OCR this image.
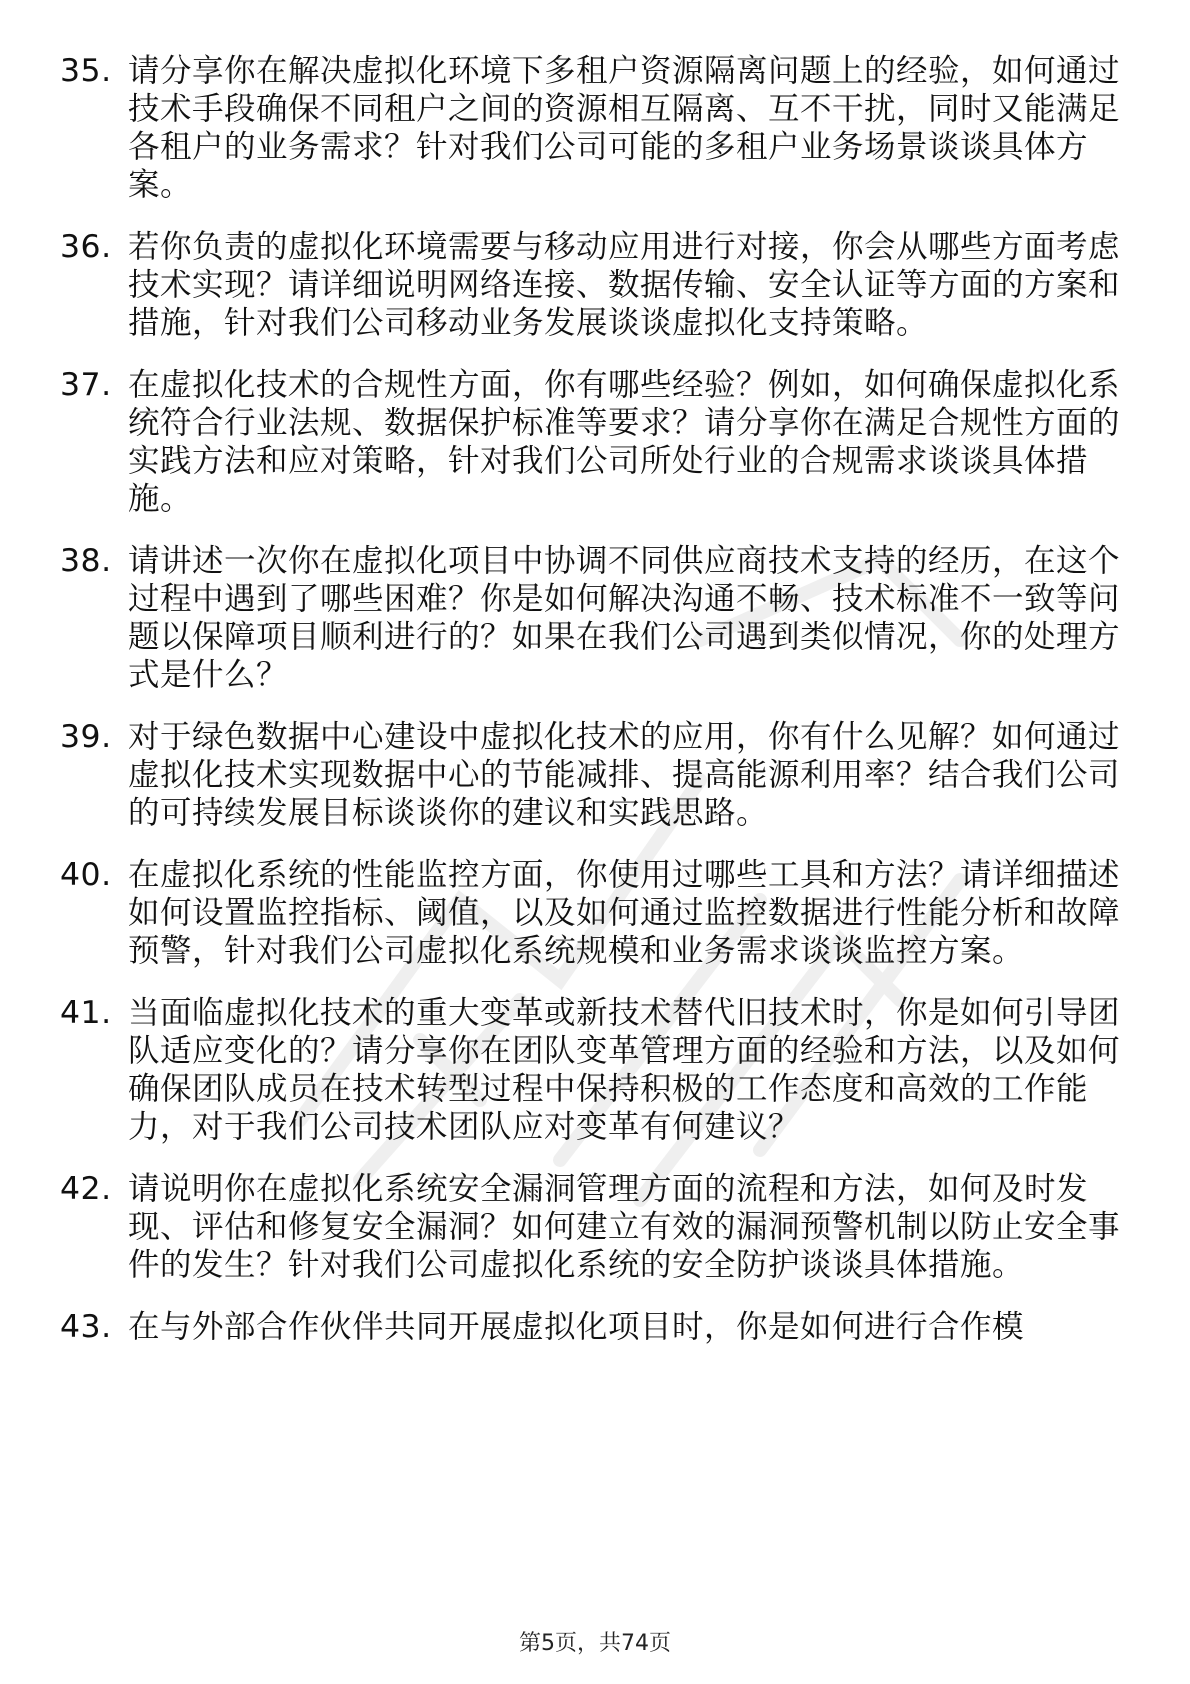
35. 请分享你在解决虚拟化环境下多租户资源隔离问题上的经验，如何通过技术手段确保不同租户之间的资源相互隔离、互不干扰，同时又能满足各租户的业务需求？针对我们公司可能的多租户业务场景谈谈具体方案。
36. 若你负责的虚拟化环境需要与移动应用进行对接，你会从哪些方面考虑技术实现？请详细说明网络连接、数据传输、安全认证等方面的方案和措施，针对我们公司移动业务发展谈谈虚拟化支持策略。
37. 在虚拟化技术的合规性方面，你有哪些经验？例如，如何确保虚拟化系统符合行业法规、数据保护标准等要求？请分享你在满足合规性方面的实践方法和应对策略，针对我们公司所处行业的合规需求谈谈具体措施。
38. 请讲述一次你在虚拟化项目中协调不同供应商技术支持的经历，在这个过程中遇到了哪些困难？你是如何解决沟通不畅、技术标准不一致等问题以保障项目顺利进行的？如果在我们公司遇到类似情况，你的处理方式是什么？
39. 对于绿色数据中心建设中虚拟化技术的应用，你有什么见解？如何通过虚拟化技术实现数据中心的节能减排、提高能源利用率？结合我们公司的可持续发展目标谈谈你的建议和实践思路。
40. 在虚拟化系统的性能监控方面，你使用过哪些工具和方法？请详细描述如何设置监控指标、阈值，以及如何通过监控数据进行性能分析和故障预警，针对我们公司虚拟化系统规模和业务需求谈谈监控方案。
41. 当面临虚拟化技术的重大变革或新技术替代旧技术时，你是如何引导团队适应变化的？请分享你在团队变革管理方面的经验和方法，以及如何确保团队成员在技术转型过程中保持积极的工作态度和高效的工作能力，对于我们公司技术团队应对变革有何建议？
42. 请说明你在虚拟化系统安全漏洞管理方面的流程和方法，如何及时发现、评估和修复安全漏洞？如何建立有效的漏洞预警机制以防止安全事件的发生？针对我们公司虚拟化系统的安全防护谈谈具体措施。
43. 在与外部合作伙伴共同开展虚拟化项目时，你是如何进行合作模
第5页，共74页
